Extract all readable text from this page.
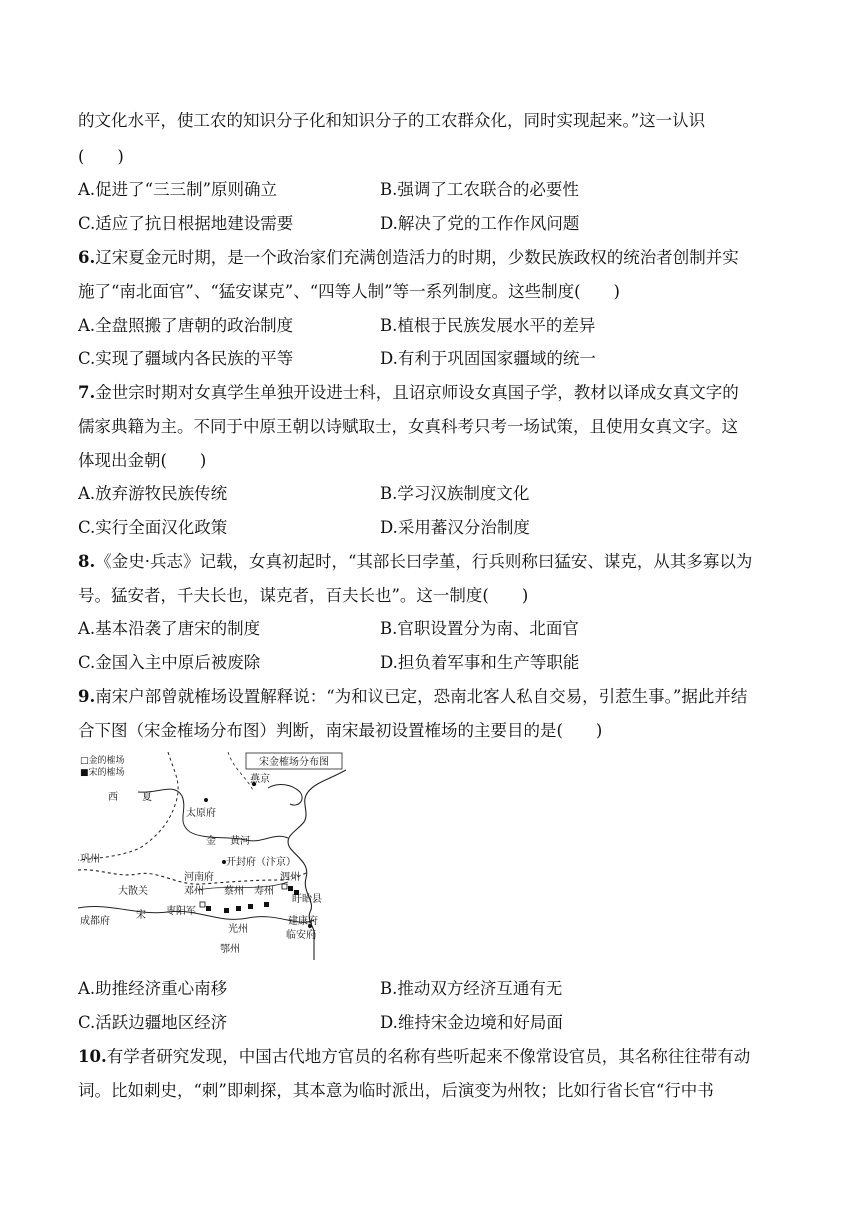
的文化水平，使工农的知识分子化和知识分子的工农群众化，同时实现起来。”这一认识
(　　)
A.促进了“三三制”原则确立	B.强调了工农联合的必要性
C.适应了抗日根据地建设需要	D.解决了党的工作作风问题
6.辽宋夏金元时期，是一个政治家们充满创造活力的时期，少数民族政权的统治者创制并实
施了“南北面官”、“猛安谋克”、“四等人制”等一系列制度。这些制度(　　)
A.全盘照搬了唐朝的政治制度	B.植根于民族发展水平的差异
C.实现了疆域内各民族的平等	D.有利于巩固国家疆域的统一
7.金世宗时期对女真学生单独开设进士科，且诏京师设女真国子学，教材以译成女真文字的
儒家典籍为主。不同于中原王朝以诗赋取士，女真科考只考一场试策，且使用女真文字。这
体现出金朝(　　)
A.放弃游牧民族传统	B.学习汉族制度文化
C.实行全面汉化政策	D.采用蕃汉分治制度
8.《金史·兵志》记载，女真初起时，“其部长曰孛堇，行兵则称曰猛安、谋克，从其多寡以为
号。猛安者，千夫长也，谋克者，百夫长也”。这一制度(　　)
A.基本沿袭了唐宋的制度	B.官职设置分为南、北面官
C.金国入主中原后被废除	D.担负着军事和生产等职能
9.南宋户部曾就榷场设置解释说：“为和议已定，恐南北客人私自交易，引惹生事。”据此并结
合下图（宋金榷场分布图）判断，南宋最初设置榷场的主要目的是(　　)
宋金榷场分布图
□金的榷场
■宋的榷场
西 夏
太原府
燕京
金 黄河
巩州	开封府（汴京）
河南府	泗州
大散关	邓州 蔡州 寿州
盱眙县
宋 枣阳军
成都府
光州
建康府
临安府
鄂州
A.助推经济重心南移	B.推动双方经济互通有无
C.活跃边疆地区经济	D.维持宋金边境和好局面
10.有学者研究发现，中国古代地方官员的名称有些听起来不像常设官员，其名称往往带有动
词。比如刺史，“刺”即刺探，其本意为临时派出，后演变为州牧；比如行省长官“行中书
